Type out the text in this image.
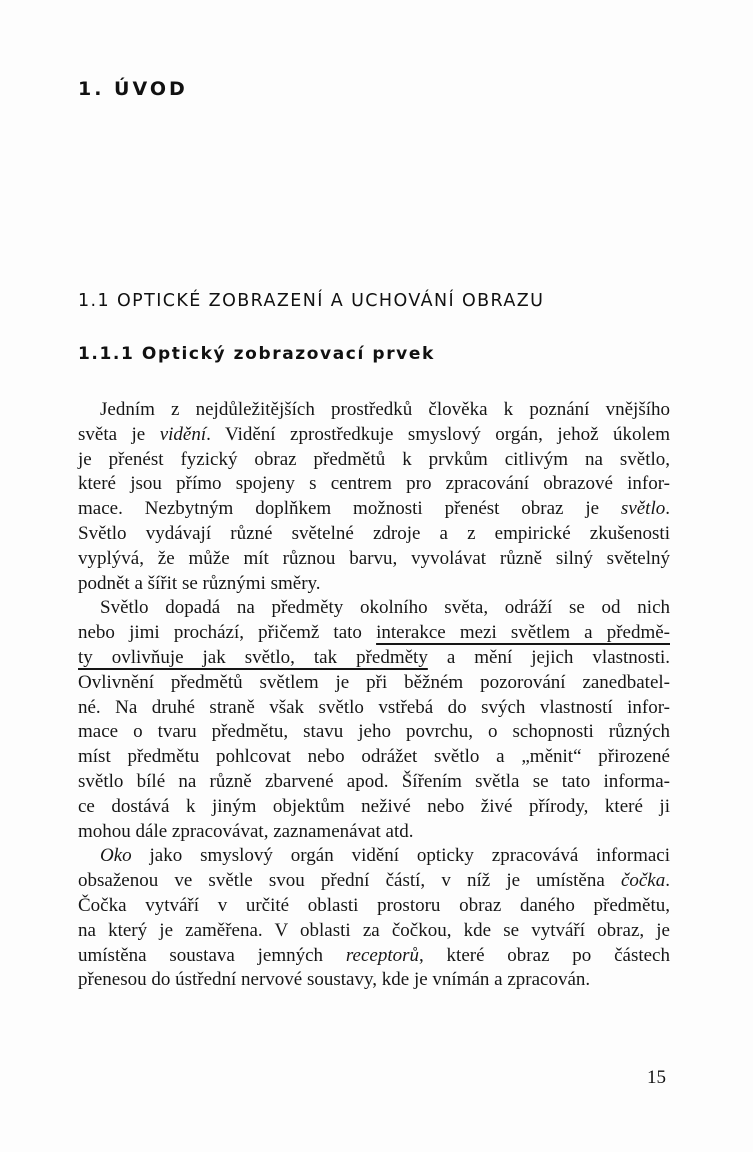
1. ÚVOD
1.1 OPTICKÉ ZOBRAZENÍ A UCHOVÁNÍ OBRAZU
1.1.1 Optický zobrazovací prvek
Jedním z nejdůležitějších prostředků člověka k poznání vnějšího
světa je vidění. Vidění zprostředkuje smyslový orgán, jehož úkolem
je přenést fyzický obraz předmětů k prvkům citlivým na světlo,
které jsou přímo spojeny s centrem pro zpracování obrazové infor-
mace. Nezbytným doplňkem možnosti přenést obraz je světlo.
Světlo vydávají různé světelné zdroje a z empirické zkušenosti
vyplývá, že může mít různou barvu, vyvolávat různě silný světelný
podnět a šířit se různými směry.
Světlo dopadá na předměty okolního světa, odráží se od nich
nebo jimi prochází, přičemž tato interakce mezi světlem a předmě-
ty ovlivňuje jak světlo, tak předměty a mění jejich vlastnosti.
Ovlivnění předmětů světlem je při běžném pozorování zanedbatel-
né. Na druhé straně však světlo vstřebá do svých vlastností infor-
mace o tvaru předmětu, stavu jeho povrchu, o schopnosti různých
míst předmětu pohlcovat nebo odrážet světlo a „měnit“ přirozené
světlo bílé na různě zbarvené apod. Šířením světla se tato informa-
ce dostává k jiným objektům neživé nebo živé přírody, které ji
mohou dále zpracovávat, zaznamenávat atd.
Oko jako smyslový orgán vidění opticky zpracovává informaci
obsaženou ve světle svou přední částí, v níž je umístěna čočka.
Čočka vytváří v určité oblasti prostoru obraz daného předmětu,
na který je zaměřena. V oblasti za čočkou, kde se vytváří obraz, je
umístěna soustava jemných receptorů, které obraz po částech
přenesou do ústřední nervové soustavy, kde je vnímán a zpracován.
15
